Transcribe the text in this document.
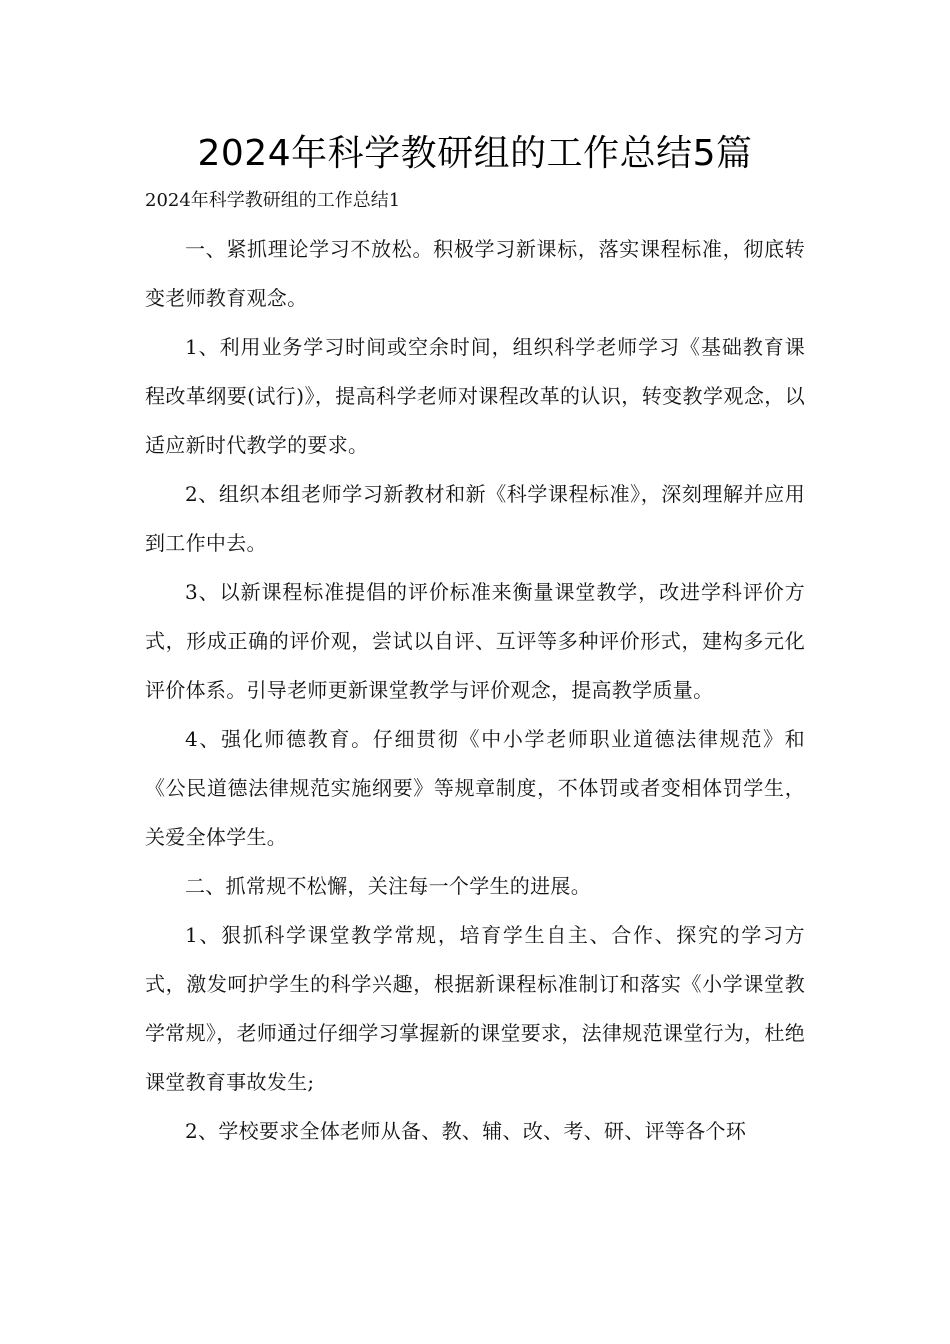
2024年科学教研组的工作总结5篇
2024年科学教研组的工作总结1

一、紧抓理论学习不放松。积极学习新课标，落实课程标准，彻底转变老师教育观念。

1、利用业务学习时间或空余时间，组织科学老师学习《基础教育课程改革纲要(试行)》，提高科学老师对课程改革的认识，转变教学观念，以适应新时代教学的要求。

2、组织本组老师学习新教材和新《科学课程标准》，深刻理解并应用到工作中去。

3、以新课程标准提倡的评价标准来衡量课堂教学，改进学科评价方式，形成正确的评价观，尝试以自评、互评等多种评价形式，建构多元化评价体系。引导老师更新课堂教学与评价观念，提高教学质量。

4、强化师德教育。仔细贯彻《中小学老师职业道德法律规范》和《公民道德法律规范实施纲要》等规章制度，不体罚或者变相体罚学生，关爱全体学生。

二、抓常规不松懈，关注每一个学生的进展。

1、狠抓科学课堂教学常规，培育学生自主、合作、探究的学习方式，激发呵护学生的科学兴趣，根据新课程标准制订和落实《小学课堂教学常规》，老师通过仔细学习掌握新的课堂要求，法律规范课堂行为，杜绝课堂教育事故发生;

2、学校要求全体老师从备、教、辅、改、考、研、评等各个环
